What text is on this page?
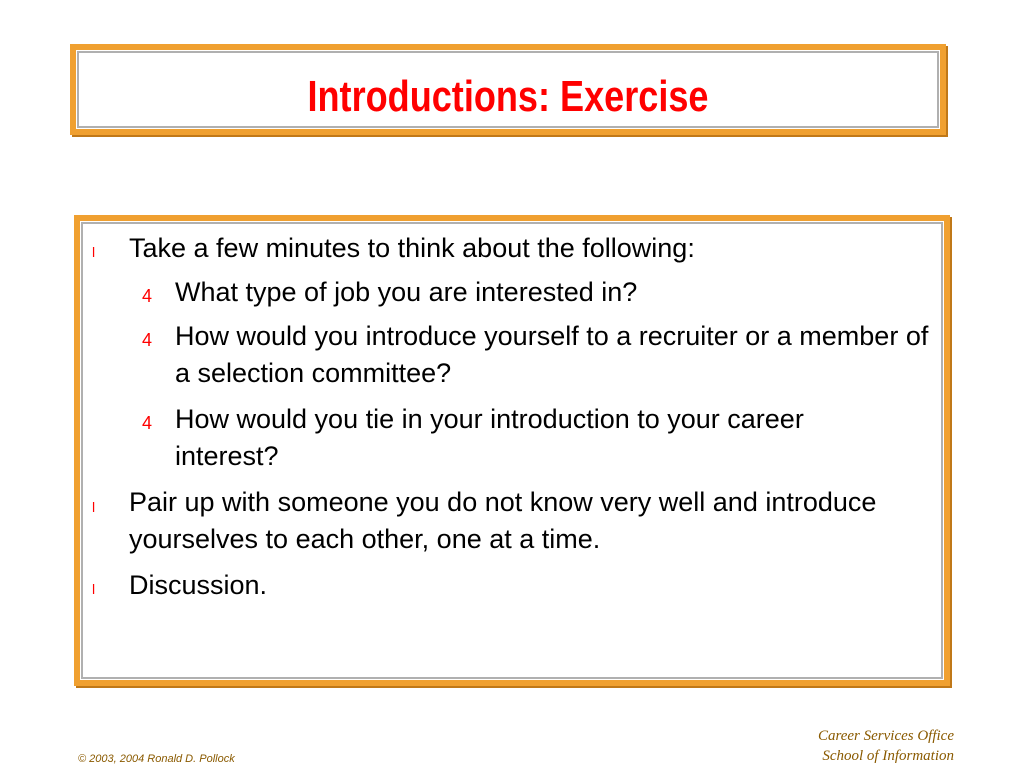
Introductions: Exercise
l Take a few minutes to think about the following:
4 What type of job you are interested in?
4 How would you introduce yourself to a recruiter or a member of a selection committee?
4 How would you tie in your introduction to your career interest?
l Pair up with someone you do not know very well and introduce yourselves to each other, one at a time.
l Discussion.
© 2003, 2004 Ronald D. Pollock
Career Services Office
School of Information
